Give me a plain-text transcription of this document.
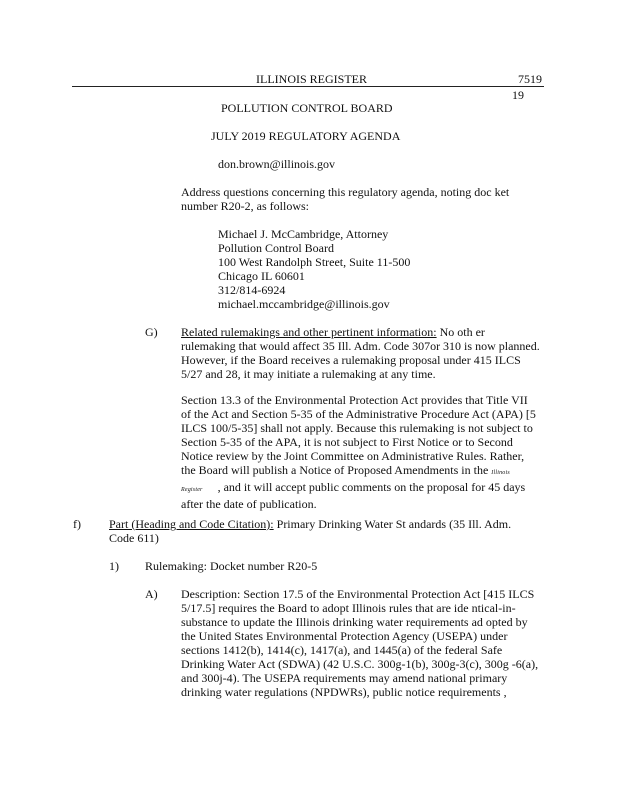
ILLINOIS REGISTER	7519
19
POLLUTION CONTROL BOARD
JULY 2019 REGULATORY AGENDA
don.brown@illinois.gov
Address questions concerning this regulatory agenda, noting doc ket
number R20-2, as follows:
Michael J. McCambridge, Attorney
Pollution Control Board
100 West Randolph Street, Suite 11-500
Chicago IL 60601
312/814-6924
michael.mccambridge@illinois.gov
G) Related rulemakings and other pertinent information: No oth er
rulemaking that would affect 35 Ill. Adm. Code 307or 310 is now planned.
However, if the Board receives a rulemaking proposal under 415 ILCS
5/27 and 28, it may initiate a rulemaking at any time.
Section 13.3 of the Environmental Protection Act provides that Title VII
of the Act and Section 5-35 of the Administrative Procedure Act (APA) [5
ILCS 100/5-35] shall not apply. Because this rulemaking is not subject to
Section 5-35 of the APA, it is not subject to First Notice or to Second
Notice review by the Joint Committee on Administrative Rules. Rather,
the Board will publish a Notice of Proposed Amendments in the Illinois
Register     , and it will accept public comments on the proposal for 45 days
after the date of publication.
f) Part (Heading and Code Citation): Primary Drinking Water St andards (35 Ill. Adm.
Code 611)
1) Rulemaking: Docket number R20-5
A) Description: Section 17.5 of the Environmental Protection Act [415 ILCS
5/17.5] requires the Board to adopt Illinois rules that are ide ntical-in-
substance to update the Illinois drinking water requirements ad opted by
the United States Environmental Protection Agency (USEPA) under
sections 1412(b), 1414(c), 1417(a), and 1445(a) of the federal Safe
Drinking Water Act (SDWA) (42 U.S.C. 300g-1(b), 300g-3(c), 300g -6(a),
and 300j-4). The USEPA requirements may amend national primary
drinking water regulations (NPDWRs), public notice requirements ,
